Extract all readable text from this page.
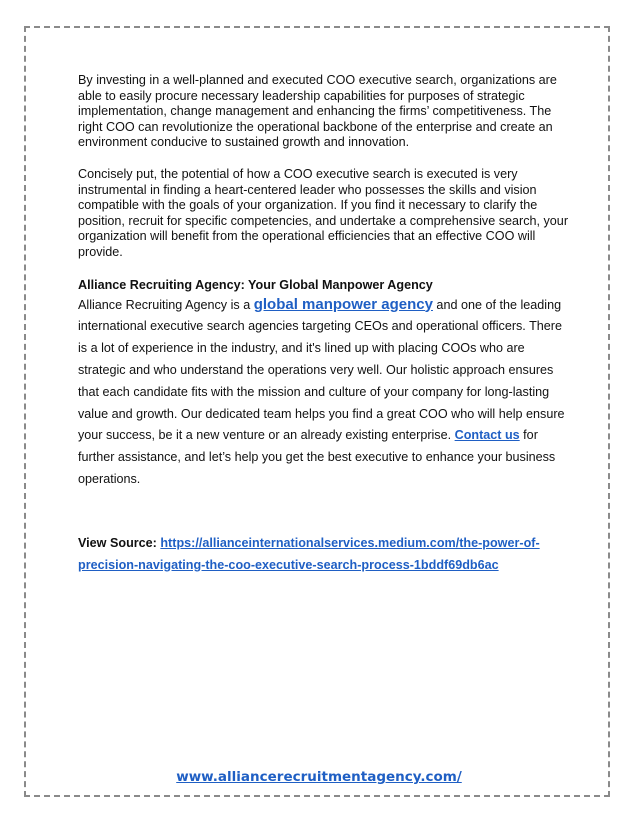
By investing in a well-planned and executed COO executive search, organizations are able to easily procure necessary leadership capabilities for purposes of strategic implementation, change management and enhancing the firms’ competitiveness. The right COO can revolutionize the operational backbone of the enterprise and create an environment conducive to sustained growth and innovation.

Concisely put, the potential of how a COO executive search is executed is very instrumental in finding a heart-centered leader who possesses the skills and vision compatible with the goals of your organization. If you find it necessary to clarify the position, recruit for specific competencies, and undertake a comprehensive search, your organization will benefit from the operational efficiencies that an effective COO will provide.

Alliance Recruiting Agency: Your Global Manpower Agency

Alliance Recruiting Agency is a global manpower agency and one of the leading international executive search agencies targeting CEOs and operational officers. There is a lot of experience in the industry, and it's lined up with placing COOs who are strategic and who understand the operations very well. Our holistic approach ensures that each candidate fits with the mission and culture of your company for long-lasting value and growth. Our dedicated team helps you find a great COO who will help ensure your success, be it a new venture or an already existing enterprise. Contact us for further assistance, and let’s help you get the best executive to enhance your business operations.

View Source: https://allianceinternationalservices.medium.com/the-power-of-precision-navigating-the-coo-executive-search-process-1bddf69db6ac
www.alliancerecruitmentagency.com/
